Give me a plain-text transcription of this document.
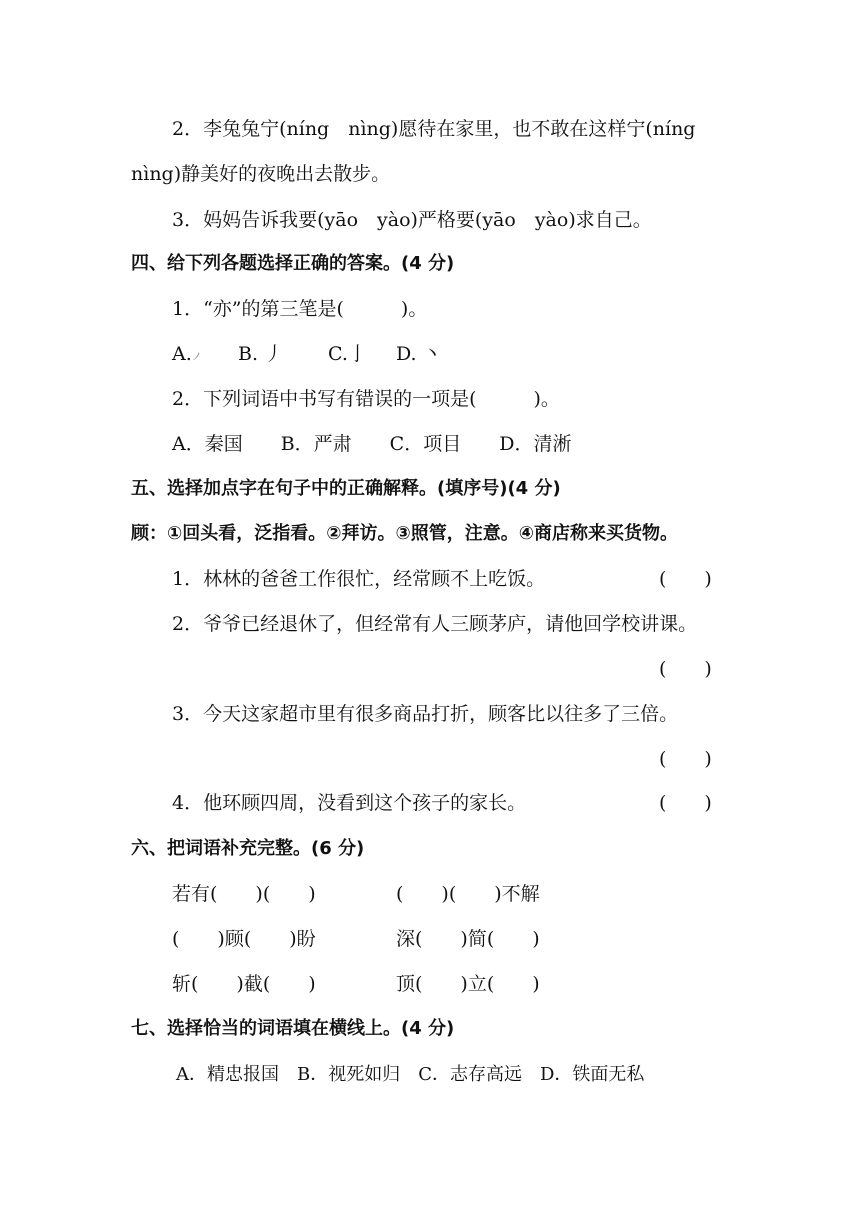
2．李兔兔宁(níng　nìng)愿待在家里，也不敢在这样宁(níng
nìng)静美好的夜晚出去散步。
3．妈妈告诉我要(yāo　yào)严格要(yāo　yào)求自己。
四、给下列各题选择正确的答案。(4 分)
1．“亦”的第三笔是(　　　)。
A.ノ B. 丿 C.亅 D. 丶
2．下列词语中书写有错误的一项是(　　　)。
A．秦国　　B．严肃　　C．项目　　D．清淅
五、选择加点字在句子中的正确解释。(填序号)(4 分)
顾：①回头看，泛指看。②拜访。③照管，注意。④商店称来买货物。
1．林林的爸爸工作很忙，经常顾不上吃饭。	(　　)
2．爷爷已经退休了，但经常有人三顾茅庐，请他回学校讲课。
(　　)
3．今天这家超市里有很多商品打折，顾客比以往多了三倍。
(　　)
4．他环顾四周，没看到这个孩子的家长。	(　　)
六、把词语补充完整。(6 分)
若有(　　)(　　)	(　　)(　　)不解
(　　)顾(　　)盼	深(　　)简(　　)
斩(　　)截(　　)	顶(　　)立(　　)
七、选择恰当的词语填在横线上。(4 分)
A．精忠报国　B．视死如归　C．志存高远　D．铁面无私
